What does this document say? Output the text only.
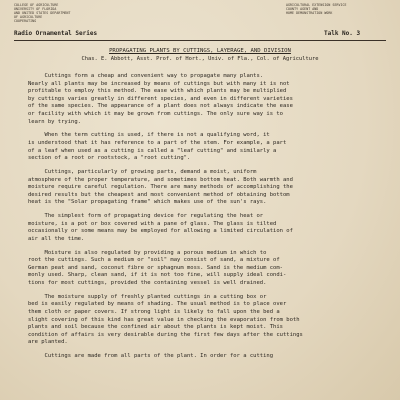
COLLEGE OF AGRICULTURE
UNIVERSITY OF FLORIDA
AND UNITED STATES DEPARTMENT
OF AGRICULTURE
COOPERATING
AGRICULTURAL EXTENSION SERVICE
COUNTY AGENT AND
HOME DEMONSTRATION WORK
Radio Ornamental Series	Talk No. 3
PROPAGATING PLANTS BY CUTTINGS, LAYERAGE, AND DIVISION
Chas. E. Abbott, Asst. Prof. of Hort., Univ. of Fla., Col. of Agriculture
Cuttings form a cheap and convenient way to propagate many plants.
Nearly all plants may be increased by means of cuttings but with many it is not
profitable to employ this method. The ease with which plants may be multiplied
by cuttings varies greatly in different species, and even in different varieties
of the same species. The appearance of a plant does not always indicate the ease
or facility with which it may be grown from cuttings. The only sure way is to
learn by trying.
When the term cutting is used, if there is not a qualifying word, it
is understood that it has reference to a part of the stem. For example, a part
of a leaf when used as a cutting is called a "leaf cutting" and similarly a
section of a root or rootstock, a "root cutting".
Cuttings, particularly of growing parts, demand a moist, uniform
atmosphere of the proper temperature, and sometimes bottom heat. Both warmth and
moisture require careful regulation. There are many methods of accomplishing the
desired results but the cheapest and most convenient method of obtaining bottom
heat is the "Solar propagating frame" which makes use of the sun's rays.
The simplest form of propagating device for regulating the heat or
moisture, is a pot or box covered with a pane of glass. The glass is tilted
occasionally or some means may be employed for allowing a limited circulation of
air all the time.
Moisture is also regulated by providing a porous medium in which to
root the cuttings. Such a medium or "soil" may consist of sand, a mixture of
German peat and sand, coconut fibre or sphagnum moss. Sand is the medium com-
monly used. Sharp, clean sand, if it is not too fine, will supply ideal condi-
tions for most cuttings, provided the containing vessel is well drained.
The moisture supply of freshly planted cuttings in a cutting box or
bed is easily regulated by means of shading. The usual method is to place over
them cloth or paper covers. If strong light is likely to fall upon the bed a
slight covering of this kind has great value in checking the evaporation from both
plants and soil because the confined air about the plants is kept moist. This
condition of affairs is very desirable during the first few days after the cuttings
are planted.
Cuttings are made from all parts of the plant. In order for a cutting
